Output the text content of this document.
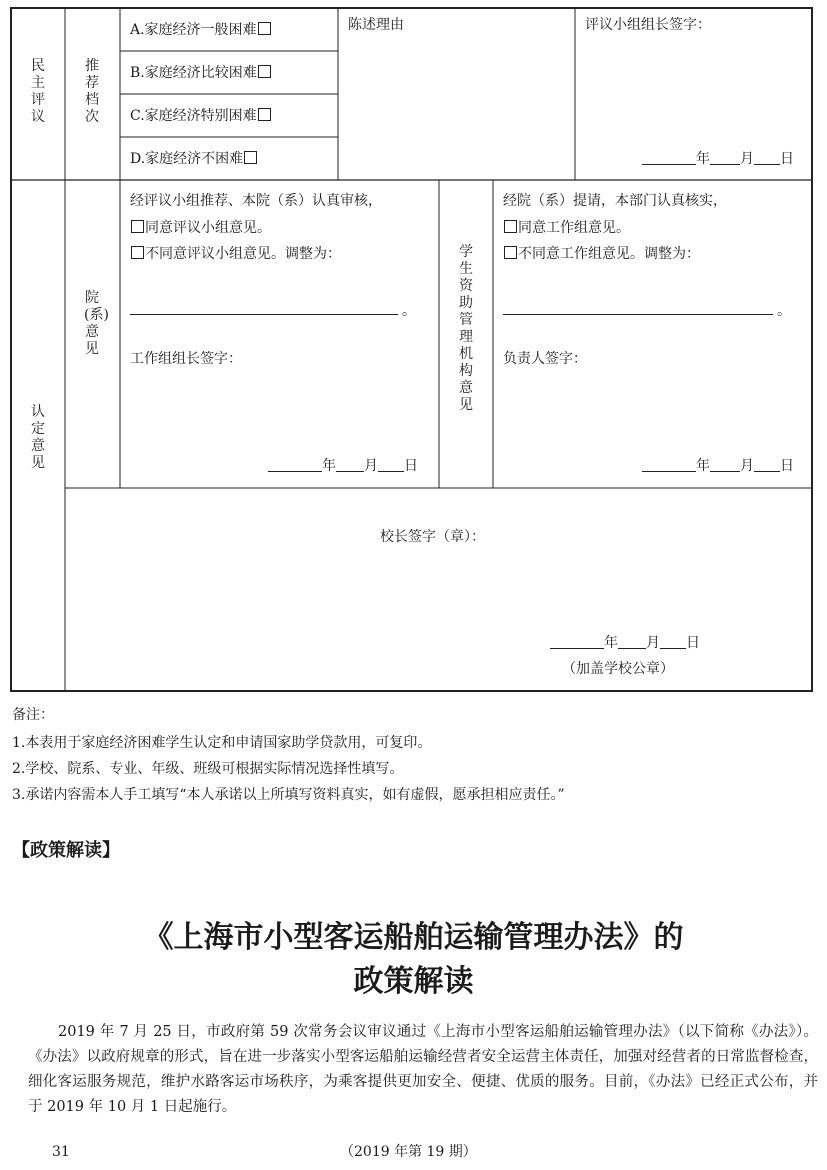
民主评议
推荐档次
A.家庭经济一般困难
B.家庭经济比较困难
C.家庭经济特别困难
D.家庭经济不困难
陈述理由	评议小组组长签字：
年 月 日
认定意见
院(系)意见
经评议小组推荐、本院（系）认真审核，
同意评议小组意见。
不同意评议小组意见。调整为：
。
工作组组长签字：
年 月 日
学生资助管理机构意见
经院（系）提请，本部门认真核实，
同意工作组意见。
不同意工作组意见。调整为：
。
负责人签字：
年 月 日
校长签字（章）：
年 月 日
（加盖学校公章）
备注：
1.本表用于家庭经济困难学生认定和申请国家助学贷款用，可复印。
2.学校、院系、专业、年级、班级可根据实际情况选择性填写。
3.承诺内容需本人手工填写“本人承诺以上所填写资料真实，如有虚假，愿承担相应责任。”
【政策解读】
《上海市小型客运船舶运输管理办法》的
政策解读
2019 年 7 月 25 日，市政府第 59 次常务会议审议通过《上海市小型客运船舶运输管理办法》（以下简称《办法》）。《办法》以政府规章的形式，旨在进一步落实小型客运船舶运输经营者安全运营主体责任，加强对经营者的日常监督检查，细化客运服务规范，维护水路客运市场秩序，为乘客提供更加安全、便捷、优质的服务。目前，《办法》已经正式公布，并于 2019 年 10 月 1 日起施行。
31	（2019 年第 19 期）
